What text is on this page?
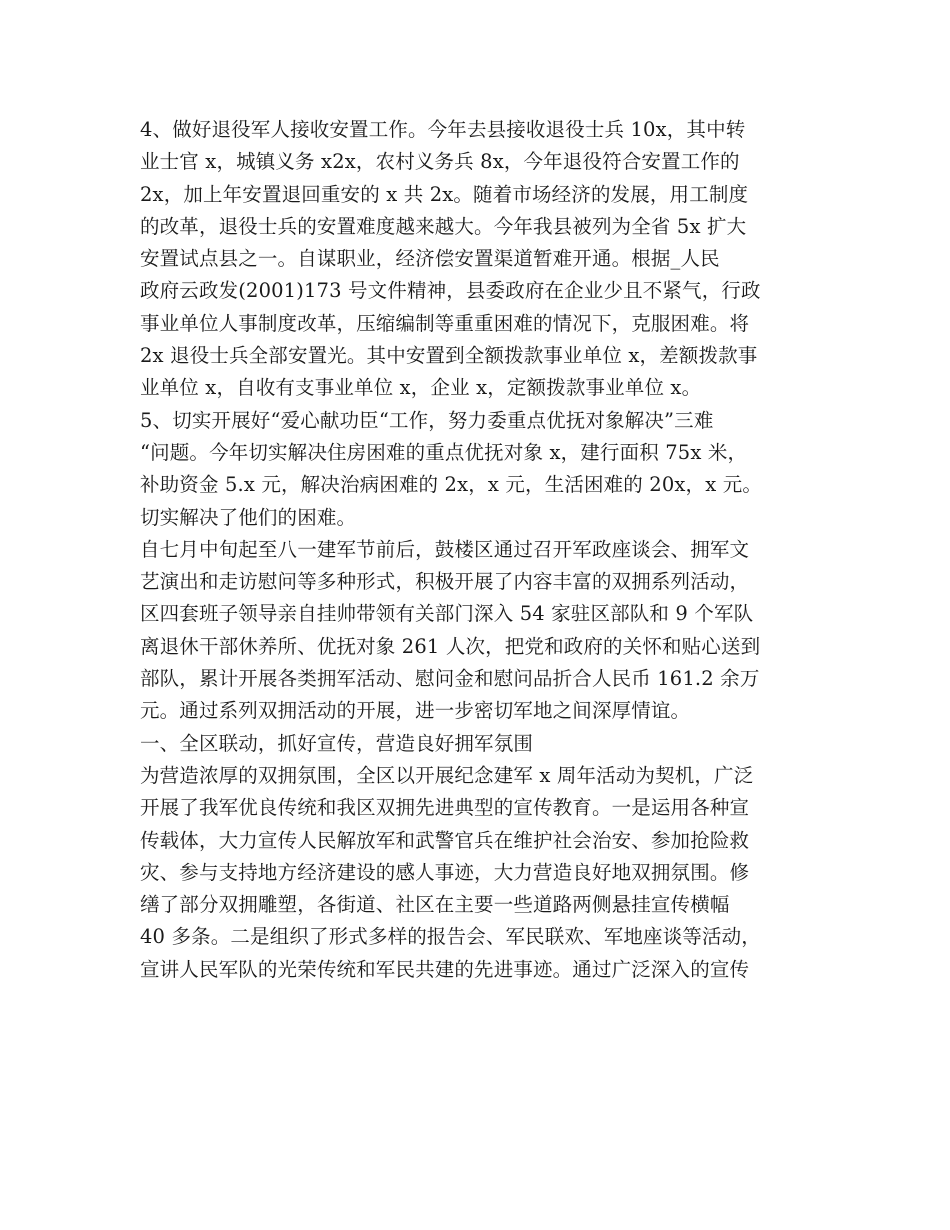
4、做好退役军人接收安置工作。今年去县接收退役士兵 10x，其中转
业士官 x，城镇义务 x2x，农村义务兵 8x，今年退役符合安置工作的
2x，加上年安置退回重安的 x 共 2x。随着市场经济的发展，用工制度
的改革，退役士兵的安置难度越来越大。今年我县被列为全省 5x 扩大
安置试点县之一。自谋职业，经济偿安置渠道暂难开通。根据_人民
政府云政发(2001)173 号文件精神，县委政府在企业少且不紧气，行政
事业单位人事制度改革，压缩编制等重重困难的情况下，克服困难。将
2x 退役士兵全部安置光。其中安置到全额拨款事业单位 x，差额拨款事
业单位 x，自收有支事业单位 x，企业 x，定额拨款事业单位 x。
5、切实开展好“爱心献功臣“工作，努力委重点优抚对象解决”三难
“问题。今年切实解决住房困难的重点优抚对象 x，建行面积 75x 米，
补助资金 5.x 元，解决治病困难的 2x，x 元，生活困难的 20x，x 元。
切实解决了他们的困难。
自七月中旬起至八一建军节前后，鼓楼区通过召开军政座谈会、拥军文
艺演出和走访慰问等多种形式，积极开展了内容丰富的双拥系列活动，
区四套班子领导亲自挂帅带领有关部门深入 54 家驻区部队和 9 个军队
离退休干部休养所、优抚对象 261 人次，把党和政府的关怀和贴心送到
部队，累计开展各类拥军活动、慰问金和慰问品折合人民币 161.2 余万
元。通过系列双拥活动的开展，进一步密切军地之间深厚情谊。
一、全区联动，抓好宣传，营造良好拥军氛围
为营造浓厚的双拥氛围，全区以开展纪念建军 x 周年活动为契机，广泛
开展了我军优良传统和我区双拥先进典型的宣传教育。一是运用各种宣
传载体，大力宣传人民解放军和武警官兵在维护社会治安、参加抢险救
灾、参与支持地方经济建设的感人事迹，大力营造良好地双拥氛围。修
缮了部分双拥雕塑，各街道、社区在主要一些道路两侧悬挂宣传横幅
40 多条。二是组织了形式多样的报告会、军民联欢、军地座谈等活动，
宣讲人民军队的光荣传统和军民共建的先进事迹。通过广泛深入的宣传
